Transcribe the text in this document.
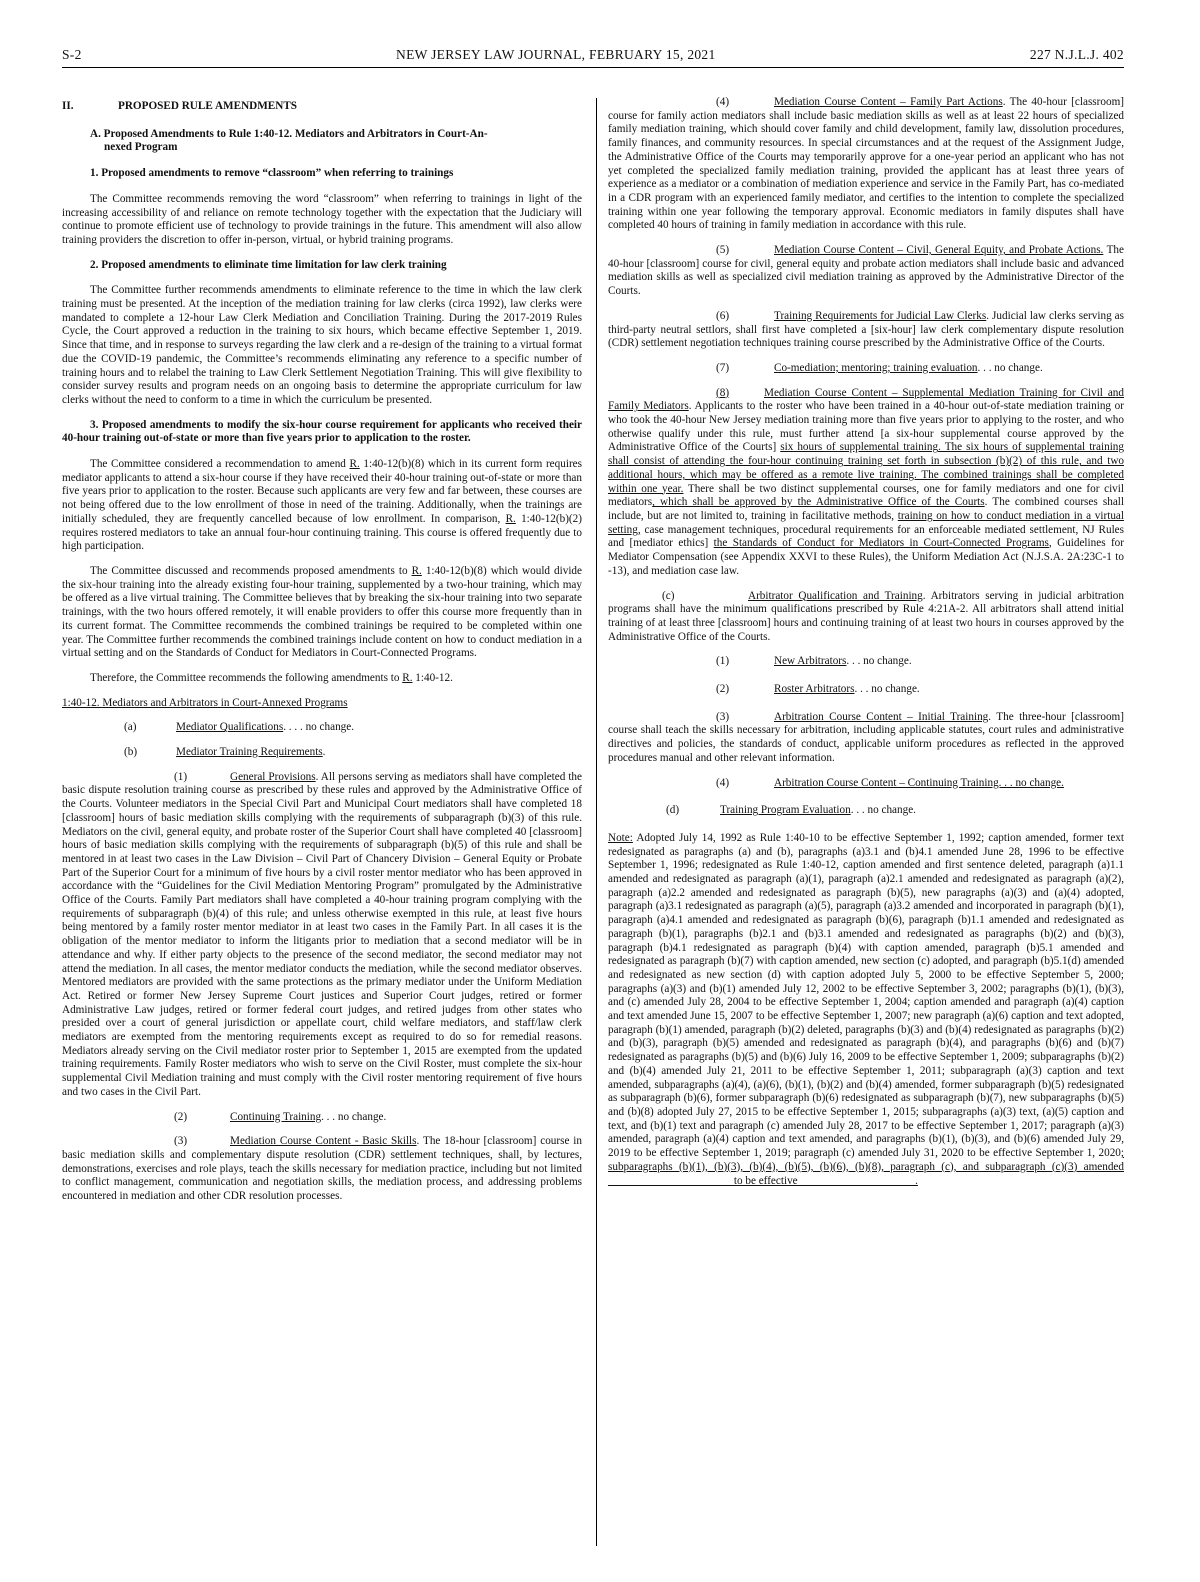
S-2	NEW JERSEY LAW JOURNAL, FEBRUARY 15, 2021	227 N.J.L.J. 402
II.	PROPOSED RULE AMENDMENTS

A. Proposed Amendments to Rule 1:40-12. Mediators and Arbitrators in Court-An-

nexed Program

1. Proposed amendments to remove “classroom” when referring to trainings

The Committee recommends removing the word “classroom” when referring to trainings in light of the increasing accessibility of and reliance on remote technology together with the expectation that the Judiciary will continue to promote efficient use of technology to provide trainings in the future. This amendment will also allow training providers the discretion to offer in-person, virtual, or hybrid training programs.

2. Proposed amendments to eliminate time limitation for law clerk training

The Committee further recommends amendments to eliminate reference to the time in which the law clerk training must be presented. At the inception of the mediation training for law clerks (circa 1992), law clerks were mandated to complete a 12-hour Law Clerk Mediation and Conciliation Training. During the 2017-2019 Rules Cycle, the Court approved a reduction in the training to six hours, which became effective September 1, 2019. Since that time, and in response to surveys regarding the law clerk and a re-design of the training to a virtual format due the COVID-19 pandemic, the Committee’s recommends eliminating any reference to a specific number of training hours and to relabel the training to Law Clerk Settlement Negotiation Training. This will give flexibility to consider survey results and program needs on an ongoing basis to determine the appropriate curriculum for law clerks without the need to conform to a time in which the curriculum be presented.

3. Proposed amendments to modify the six-hour course requirement for applicants who received their 40-hour training out-of-state or more than five years prior to application to the roster.

The Committee considered a recommendation to amend R. 1:40-12(b)(8) which in its current form requires mediator applicants to attend a six-hour course if they have received their 40-hour training out-of-state or more than five years prior to application to the roster. Because such applicants are very few and far between, these courses are not being offered due to the low enrollment of those in need of the training. Additionally, when the trainings are initially scheduled, they are frequently cancelled because of low enrollment. In comparison, R. 1:40-12(b)(2) requires rostered mediators to take an annual four-hour continuing training. This course is offered frequently due to high participation.

The Committee discussed and recommends proposed amendments to R. 1:40-12(b)(8) which would divide the six-hour training into the already existing four-hour training, supplemented by a two-hour training, which may be offered as a live virtual training. The Committee believes that by breaking the six-hour training into two separate trainings, with the two hours offered remotely, it will enable providers to offer this course more frequently than in its current format. The Committee recommends the combined trainings be required to be completed within one year. The Committee further recommends the combined trainings include content on how to conduct mediation in a virtual setting and on the Standards of Conduct for Mediators in Court-Connected Programs.

Therefore, the Committee recommends the following amendments to R. 1:40-12.

1:40-12. Mediators and Arbitrators in Court-Annexed Programs

(a)	Mediator Qualifications. . . . no change.

(b)	Mediator Training Requirements.

(1)	General Provisions. All persons serving as mediators shall have completed the basic dispute resolution training course as prescribed by these rules and approved by the Administrative Office of the Courts. Volunteer mediators in the Special Civil Part and Municipal Court mediators shall have completed 18 [classroom] hours of basic mediation skills complying with the requirements of subparagraph (b)(3) of this rule. Mediators on the civil, general equity, and probate roster of the Superior Court shall have completed 40 [classroom] hours of basic mediation skills complying with the requirements of subparagraph (b)(5) of this rule and shall be mentored in at least two cases in the Law Division – Civil Part of Chancery Division – General Equity or Probate Part of the Superior Court for a minimum of five hours by a civil roster mentor mediator who has been approved in accordance with the “Guidelines for the Civil Mediation Mentoring Program” promulgated by the Administrative Office of the Courts. Family Part mediators shall have completed a 40-hour training program complying with the requirements of subparagraph (b)(4) of this rule; and unless otherwise exempted in this rule, at least five hours being mentored by a family roster mentor mediator in at least two cases in the Family Part. In all cases it is the obligation of the mentor mediator to inform the litigants prior to mediation that a second mediator will be in attendance and why. If either party objects to the presence of the second mediator, the second mediator may not attend the mediation. In all cases, the mentor mediator conducts the mediation, while the second mediator observes. Mentored mediators are provided with the same protections as the primary mediator under the Uniform Mediation Act. Retired or former New Jersey Supreme Court justices and Superior Court judges, retired or former Administrative Law judges, retired or former federal court judges, and retired judges from other states who presided over a court of general jurisdiction or appellate court, child welfare mediators, and staff/law clerk mediators are exempted from the mentoring requirements except as required to do so for remedial reasons. Mediators already serving on the Civil mediator roster prior to September 1, 2015 are exempted from the updated training requirements. Family Roster mediators who wish to serve on the Civil Roster, must complete the six-hour supplemental Civil Mediation training and must comply with the Civil roster mentoring requirement of five hours and two cases in the Civil Part.

(2)	Continuing Training. . . no change.

(3)	Mediation Course Content - Basic Skills. The 18-hour [classroom] course in basic mediation skills and complementary dispute resolution (CDR) settlement techniques, shall, by lectures, demonstrations, exercises and role plays, teach the skills necessary for mediation practice, including but not limited to conflict management, communication and negotiation skills, the mediation process, and addressing problems encountered in mediation and other CDR resolution processes.

(4)	Mediation Course Content – Family Part Actions. The 40-hour [classroom] course for family action mediators shall include basic mediation skills as well as at least 22 hours of specialized family mediation training, which should cover family and child development, family law, dissolution procedures, family finances, and community resources. In special circumstances and at the request of the Assignment Judge, the Administrative Office of the Courts may temporarily approve for a one-year period an applicant who has not yet completed the specialized family mediation training, provided the applicant has at least three years of experience as a mediator or a combination of mediation experience and service in the Family Part, has co-mediated in a CDR program with an experienced family mediator, and certifies to the intention to complete the specialized training within one year following the temporary approval. Economic mediators in family disputes shall have completed 40 hours of training in family mediation in accordance with this rule.

(5)	Mediation Course Content – Civil, General Equity, and Probate Actions. The 40-hour [classroom] course for civil, general equity and probate action mediators shall include basic and advanced mediation skills as well as specialized civil mediation training as approved by the Administrative Director of the Courts.

(6)	Training Requirements for Judicial Law Clerks. Judicial law clerks serving as third-party neutral settlors, shall first have completed a [six-hour] law clerk complementary dispute resolution (CDR) settlement negotiation techniques training course prescribed by the Administrative Office of the Courts.

(7)	Co-mediation; mentoring; training evaluation. . . no change.

(8)	Mediation Course Content – Supplemental Mediation Training for Civil and Family Mediators. Applicants to the roster who have been trained in a 40-hour out-of-state mediation training or who took the 40-hour New Jersey mediation training more than five years prior to applying to the roster, and who otherwise qualify under this rule, must further attend [a six-hour supplemental course approved by the Administrative Office of the Courts] six hours of supplemental training. The six hours of supplemental training shall consist of attending the four-hour continuing training set forth in subsection (b)(2) of this rule, and two additional hours, which may be offered as a remote live training. The combined trainings shall be completed within one year. There shall be two distinct supplemental courses, one for family mediators and one for civil mediators, which shall be approved by the Administrative Office of the Courts. The combined courses shall include, but are not limited to, training in facilitative methods, training on how to conduct mediation in a virtual setting, case management techniques, procedural requirements for an enforceable mediated settlement, NJ Rules and [mediator ethics] the Standards of Conduct for Mediators in Court-Connected Programs, Guidelines for Mediator Compensation (see Appendix XXVI to these Rules), the Uniform Mediation Act (N.J.S.A. 2A:23C-1 to -13), and mediation case law.

(c)	Arbitrator Qualification and Training. Arbitrators serving in judicial arbitration programs shall have the minimum qualifications prescribed by Rule 4:21A-2. All arbitrators shall attend initial training of at least three [classroom] hours and continuing training of at least two hours in courses approved by the Administrative Office of the Courts.

(1)	New Arbitrators. . . no change.

(2)	Roster Arbitrators. . . no change.

(3)	Arbitration Course Content – Initial Training. The three-hour [classroom] course shall teach the skills necessary for arbitration, including applicable statutes, court rules and administrative directives and policies, the standards of conduct, applicable uniform procedures as reflected in the approved procedures manual and other relevant information.

(4)	Arbitration Course Content – Continuing Training. . . no change.

(d)	Training Program Evaluation. . . no change.

Note: Adopted July 14, 1992 as Rule 1:40-10 to be effective September 1, 1992; caption amended, former text redesignated as paragraphs (a) and (b), paragraphs (a)3.1 and (b)4.1 amended June 28, 1996 to be effective September 1, 1996; redesignated as Rule 1:40-12, caption amended and first sentence deleted, paragraph (a)1.1 amended and redesignated as paragraph (a)(1), paragraph (a)2.1 amended and redesignated as paragraph (a)(2), paragraph (a)2.2 amended and redesignated as paragraph (b)(5), new paragraphs (a)(3) and (a)(4) adopted, paragraph (a)3.1 redesignated as paragraph (a)(5), paragraph (a)3.2 amended and incorporated in paragraph (b)(1), paragraph (a)4.1 amended and redesignated as paragraph (b)(6), paragraph (b)1.1 amended and redesignated as paragraph (b)(1), paragraphs (b)2.1 and (b)3.1 amended and redesignated as paragraphs (b)(2) and (b)(3), paragraph (b)4.1 redesignated as paragraph (b)(4) with caption amended, paragraph (b)5.1 amended and redesignated as paragraph (b)(7) with caption amended, new section (c) adopted, and paragraph (b)5.1(d) amended and redesignated as new section (d) with caption adopted July 5, 2000 to be effective September 5, 2000; paragraphs (a)(3) and (b)(1) amended July 12, 2002 to be effective September 3, 2002; paragraphs (b)(1), (b)(3), and (c) amended July 28, 2004 to be effective September 1, 2004; caption amended and paragraph (a)(4) caption and text amended June 15, 2007 to be effective September 1, 2007; new paragraph (a)(6) caption and text adopted, paragraph (b)(1) amended, paragraph (b)(2) deleted, paragraphs (b)(3) and (b)(4) redesignated as paragraphs (b)(2) and (b)(3), paragraph (b)(5) amended and redesignated as paragraph (b)(4), and paragraphs (b)(6) and (b)(7) redesignated as paragraphs (b)(5) and (b)(6) July 16, 2009 to be effective September 1, 2009; subparagraphs (b)(2) and (b)(4) amended July 21, 2011 to be effective September 1, 2011; subparagraph (a)(3) caption and text amended, subparagraphs (a)(4), (a)(6), (b)(1), (b)(2) and (b)(4) amended, former subparagraph (b)(5) redesignated as subparagraph (b)(6), former subparagraph (b)(6) redesignated as subparagraph (b)(7), new subparagraphs (b)(5) and (b)(8) adopted July 27, 2015 to be effective September 1, 2015; subparagraphs (a)(3) text, (a)(5) caption and text, and (b)(1) text and paragraph (c) amended July 28, 2017 to be effective September 1, 2017; paragraph (a)(3) amended, paragraph (a)(4) caption and text amended, and paragraphs (b)(1), (b)(3), and (b)(6) amended July 29, 2019 to be effective September 1, 2019; paragraph (c) amended July 31, 2020 to be effective September 1, 2020; subparagraphs (b)(1), (b)(3), (b)(4), (b)(5), (b)(6), (b)(8), paragraph (c), and subparagraph (c)(3) amended ______________________ to be effective_____________________.
